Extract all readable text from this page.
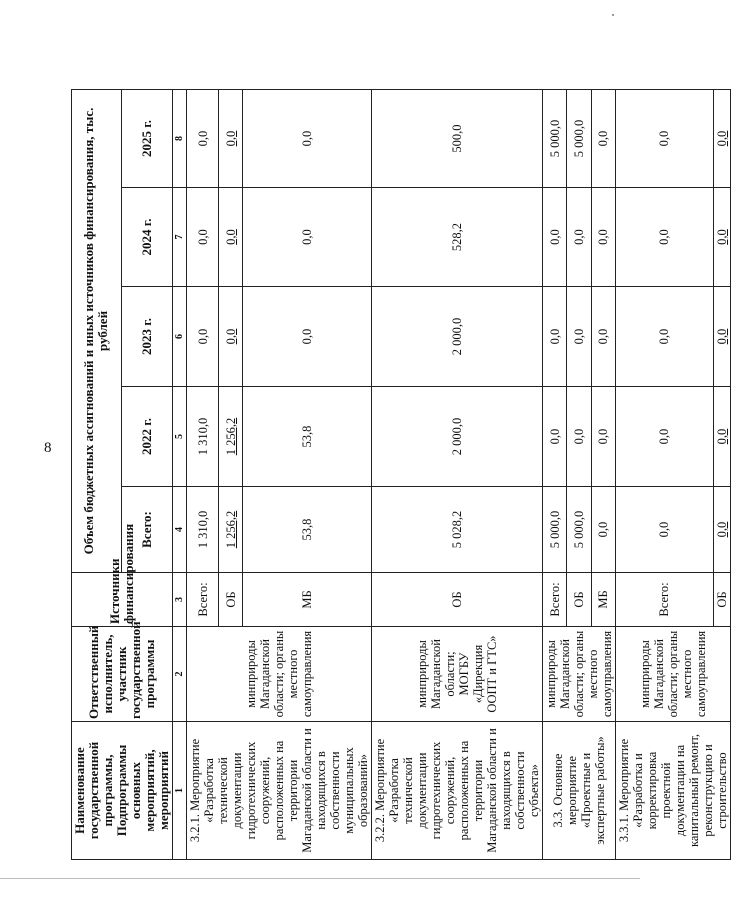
8
Наименование государственной программы, Подпрограммы основных мероприятий, мероприятий	Ответственный исполнитель, участник государственной программы	Источники финансирования	Объем бюджетных ассигнований и иных источников финансирования, тыс. рублей				
			Всего:	2022 г.	2023 г.	2024 г.	2025 г.
1	2	3	4	5	6	7	8
3.2.1. Мероприятие «Разработка технической документации гидротехнических сооружений, расположенных на территории Магаданской области и находящихся в собственности муниципальных образований»	минприроды Магаданской области; органы местного самоуправления	Всего:	1 310,0	1 310,0	0,0	0,0	0,0
		ОБ	1 256,2	1 256,2	0,0	0,0	0,0
		МБ	53,8	53,8	0,0	0,0	0,0
3.2.2. Мероприятие «Разработка технической документации гидротехнических сооружений, расположенных на территории Магаданской области и находящихся в собственности субъекта»	минприроды Магаданской области; МОГБУ «Дирекция ООПТ и ГТС»	ОБ	5 028,2	2 000,0	2 000,0	528,2	500,0
3.3. Основное мероприятие «Проектные и экспертные работы»	минприроды Магаданской области; органы местного самоуправления	Всего:	5 000,0	0,0	0,0	0,0	5 000,0
		ОБ	5 000,0	0,0	0,0	0,0	5 000,0
		МБ	0,0	0,0	0,0	0,0	0,0
3.3.1. Мероприятие «Разработка и корректировка проектной документации на капитальный ремонт, реконструкцию и строительство	минприроды Магаданской области; органы местного самоуправления	Всего:	0,0	0,0	0,0	0,0	0,0
		ОБ	0,0	0,0	0,0	0,0	0,0
